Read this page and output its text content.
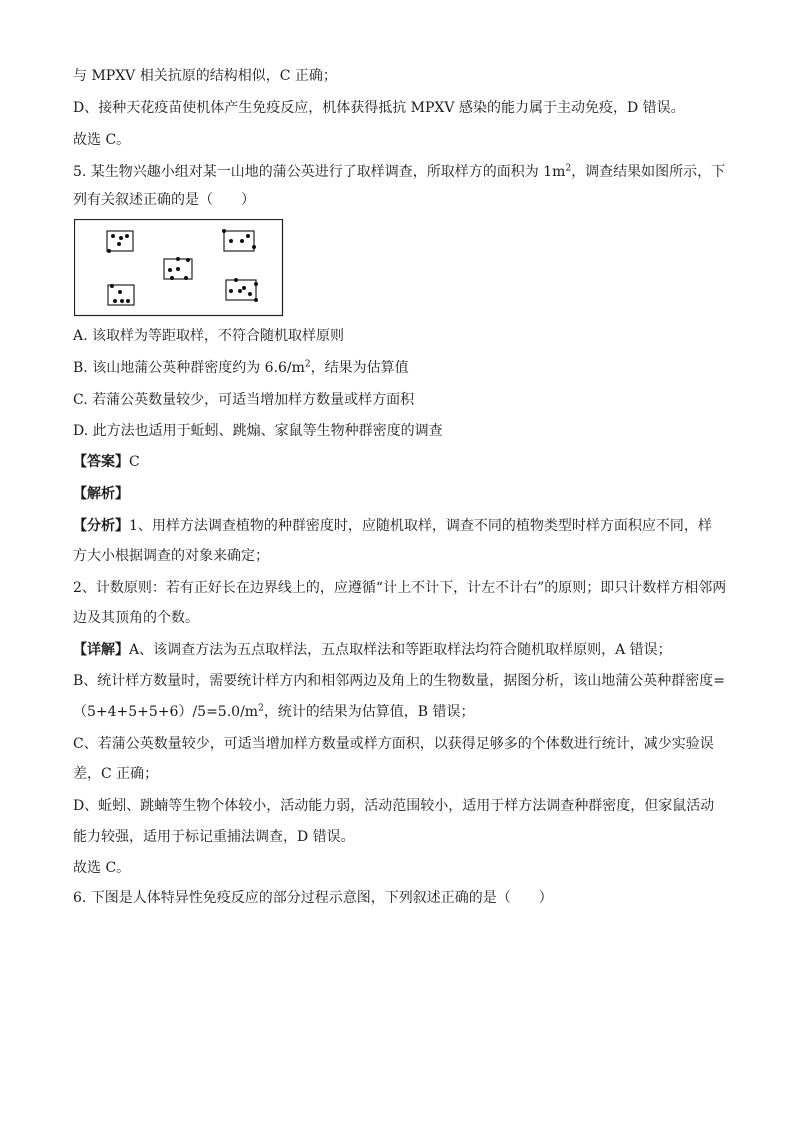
与 MPXV 相关抗原的结构相似，C 正确；
D、接种天花疫苗使机体产生免疫反应，机体获得抵抗 MPXV 感染的能力属于主动免疫，D 错误。
故选 C。
5. 某生物兴趣小组对某一山地的蒲公英进行了取样调查，所取样方的面积为 $1m^2$，调查结果如图所示，下
列有关叙述正确的是（　　）
A. 该取样为等距取样，不符合随机取样原则
B. 该山地蒲公英种群密度约为 $6.6/m^2$，结果为估算值
C. 若蒲公英数量较少，可适当增加样方数量或样方面积
D. 此方法也适用于蚯蚓、跳煽、家鼠等生物种群密度的调查
【答案】C
【解析】
【分析】1、用样方法调查植物的种群密度时，应随机取样，调查不同的植物类型时样方面积应不同，样
方大小根据调查的对象来确定；
2、计数原则：若有正好长在边界线上的，应遵循“计上不计下，计左不计右”的原则；即只计数样方相邻两
边及其顶角的个数。
【详解】A、该调查方法为五点取样法，五点取样法和等距取样法均符合随机取样原则，A 错误；
B、统计样方数量时，需要统计样方内和相邻两边及角上的生物数量，据图分析，该山地蒲公英种群密度=
$(5+4+5+5+6)/5=5.0/m^2$，统计的结果为估算值，B 错误；
C、若蒲公英数量较少，可适当增加样方数量或样方面积，以获得足够多的个体数进行统计，减少实验误
差，C 正确；
D、蚯蚓、跳蝻等生物个体较小，活动能力弱，活动范围较小，适用于样方法调查种群密度，但家鼠活动
能力较强，适用于标记重捕法调查，D 错误。
故选 C。
6. 下图是人体特异性免疫反应的部分过程示意图，下列叙述正确的是（　　）
